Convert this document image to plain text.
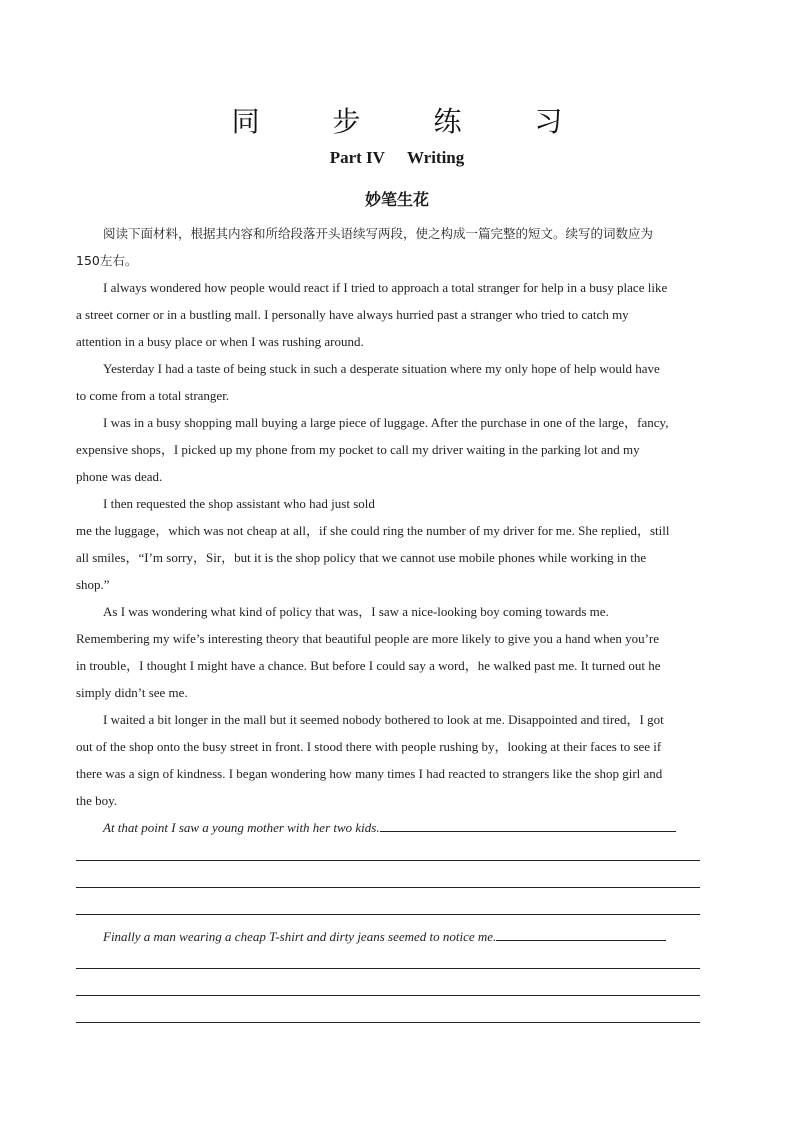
同 步 练 习
Part IV Writing
妙笔生花
阅读下面材料，根据其内容和所给段落开头语续写两段，使之构成一篇完整的短文。续写的词数应为
150左右。
I always wondered how people would react if I tried to approach a total stranger for help in a busy place like
a street corner or in a bustling mall. I personally have always hurried past a stranger who tried to catch my
attention in a busy place or when I was rushing around.
Yesterday I had a taste of being stuck in such a desperate situation where my only hope of help would have
to come from a total stranger.
I was in a busy shopping mall buying a large piece of luggage. After the purchase in one of the large，fancy,
expensive shops，I picked up my phone from my pocket to call my driver waiting in the parking lot and my
phone was dead.
I then requested the shop assistant who had just sold
me the luggage，which was not cheap at all，if she could ring the number of my driver for me. She replied，still
all smiles，“I’m sorry，Sir，but it is the shop policy that we cannot use mobile phones while working in the
shop.”
As I was wondering what kind of policy that was，I saw a nice-looking boy coming towards me.
Remembering my wife’s interesting theory that beautiful people are more likely to give you a hand when you’re
in trouble，I thought I might have a chance. But before I could say a word，he walked past me. It turned out he
simply didn’t see me.
I waited a bit longer in the mall but it seemed nobody bothered to look at me. Disappointed and tired，I got
out of the shop onto the busy street in front. I stood there with people rushing by，looking at their faces to see if
there was a sign of kindness. I began wondering how many times I had reacted to strangers like the shop girl and
the boy.
At that point I saw a young mother with her two kids.
Finally a man wearing a cheap T-shirt and dirty jeans seemed to notice me.
